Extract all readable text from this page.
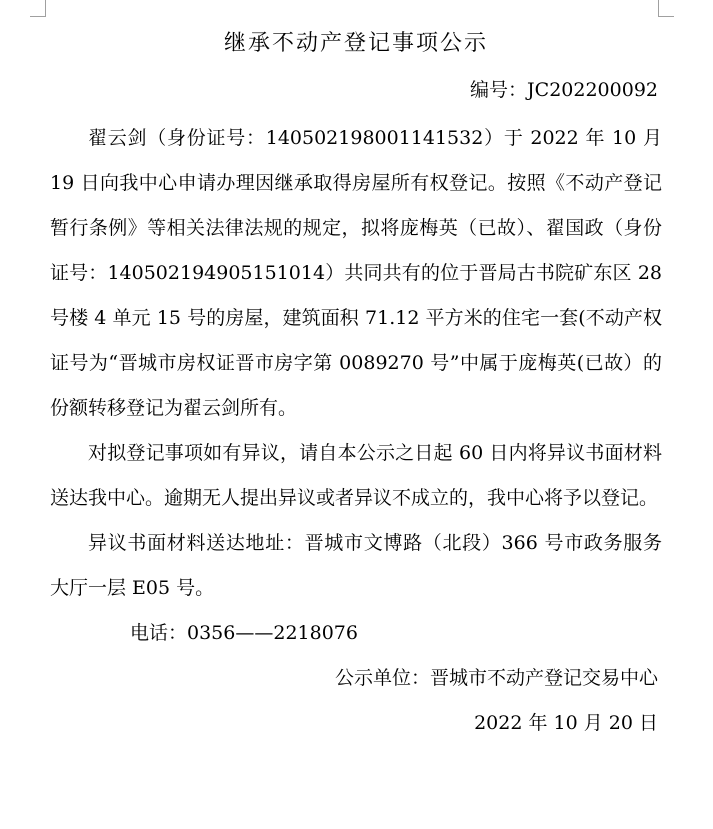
继承不动产登记事项公示
编号：JC202200092

翟云剑（身份证号：140502198001141532）于 2022 年 10 月 19 日向我中心申请办理因继承取得房屋所有权登记。按照《不动产登记暂行条例》等相关法律法规的规定，拟将庞梅英（已故）、翟国政（身份证号：140502194905151014）共同共有的位于晋局古书院矿东区 28 号楼 4 单元 15 号的房屋，建筑面积 71.12 平方米的住宅一套(不动产权证号为“晋城市房权证晋市房字第 0089270 号”中属于庞梅英(已故）的份额转移登记为翟云剑所有。

对拟登记事项如有异议，请自本公示之日起 60 日内将异议书面材料送达我中心。逾期无人提出异议或者异议不成立的，我中心将予以登记。

异议书面材料送达地址：晋城市文博路（北段）366 号市政务服务大厅一层 E05 号。

电话：0356——2218076
公示单位：晋城市不动产登记交易中心
2022 年 10 月 20 日
